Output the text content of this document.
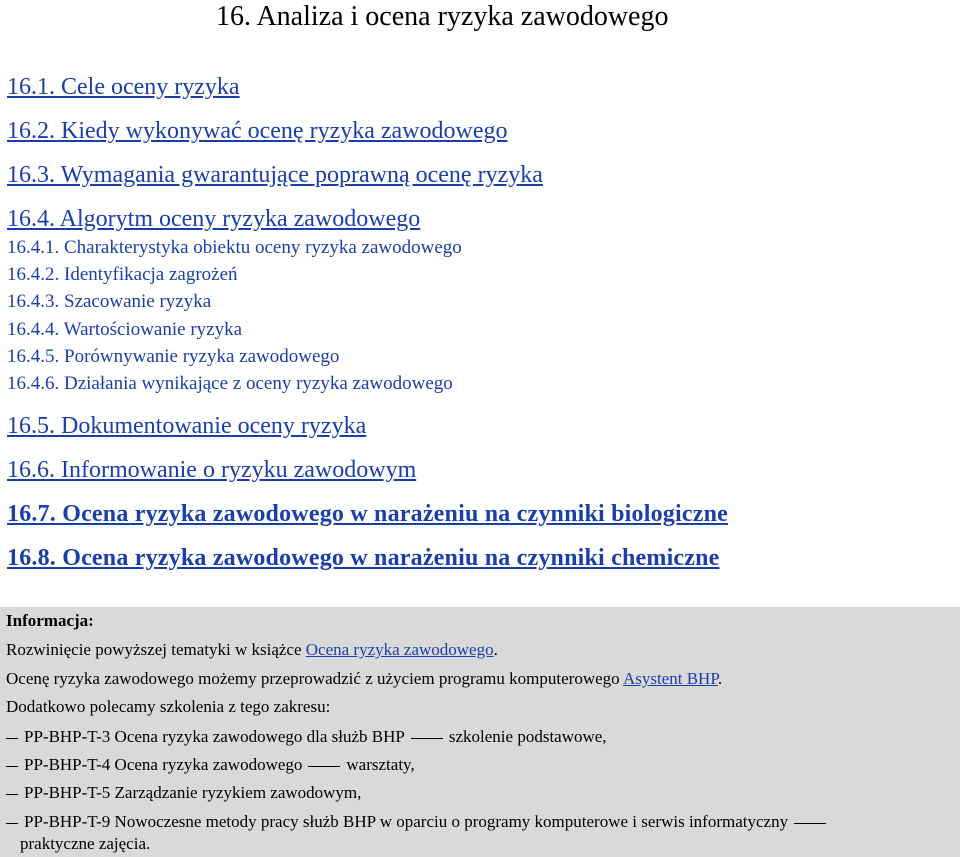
16. Analiza i ocena ryzyka zawodowego
16.1. Cele oceny ryzyka
16.2. Kiedy wykonywać ocenę ryzyka zawodowego
16.3. Wymagania gwarantujące poprawną ocenę ryzyka
16.4. Algorytm oceny ryzyka zawodowego
16.4.1. Charakterystyka obiektu oceny ryzyka zawodowego
16.4.2. Identyfikacja zagrożeń
16.4.3. Szacowanie ryzyka
16.4.4. Wartościowanie ryzyka
16.4.5. Porównywanie ryzyka zawodowego
16.4.6. Działania wynikające z oceny ryzyka zawodowego
16.5. Dokumentowanie oceny ryzyka
16.6. Informowanie o ryzyku zawodowym
16.7. Ocena ryzyka zawodowego w narażeniu na czynniki biologiczne
16.8. Ocena ryzyka zawodowego w narażeniu na czynniki chemiczne
Informacja:
Rozwinięcie powyższej tematyki w książce Ocena ryzyka zawodowego.
Ocenę ryzyka zawodowego możemy przeprowadzić z użyciem programu komputerowego Asystent BHP.
Dodatkowo polecamy szkolenia z tego zakresu:
PP-BHP-T-3 Ocena ryzyka zawodowego dla służb BHP	szkolenie podstawowe,
PP-BHP-T-4 Ocena ryzyka zawodowego	warsztaty,
PP-BHP-T-5 Zarządzanie ryzykiem zawodowym,
PP-BHP-T-9 Nowoczesne metody pracy służb BHP w oparciu o programy komputerowe i serwis informatyczny
praktyczne zajęcia.
